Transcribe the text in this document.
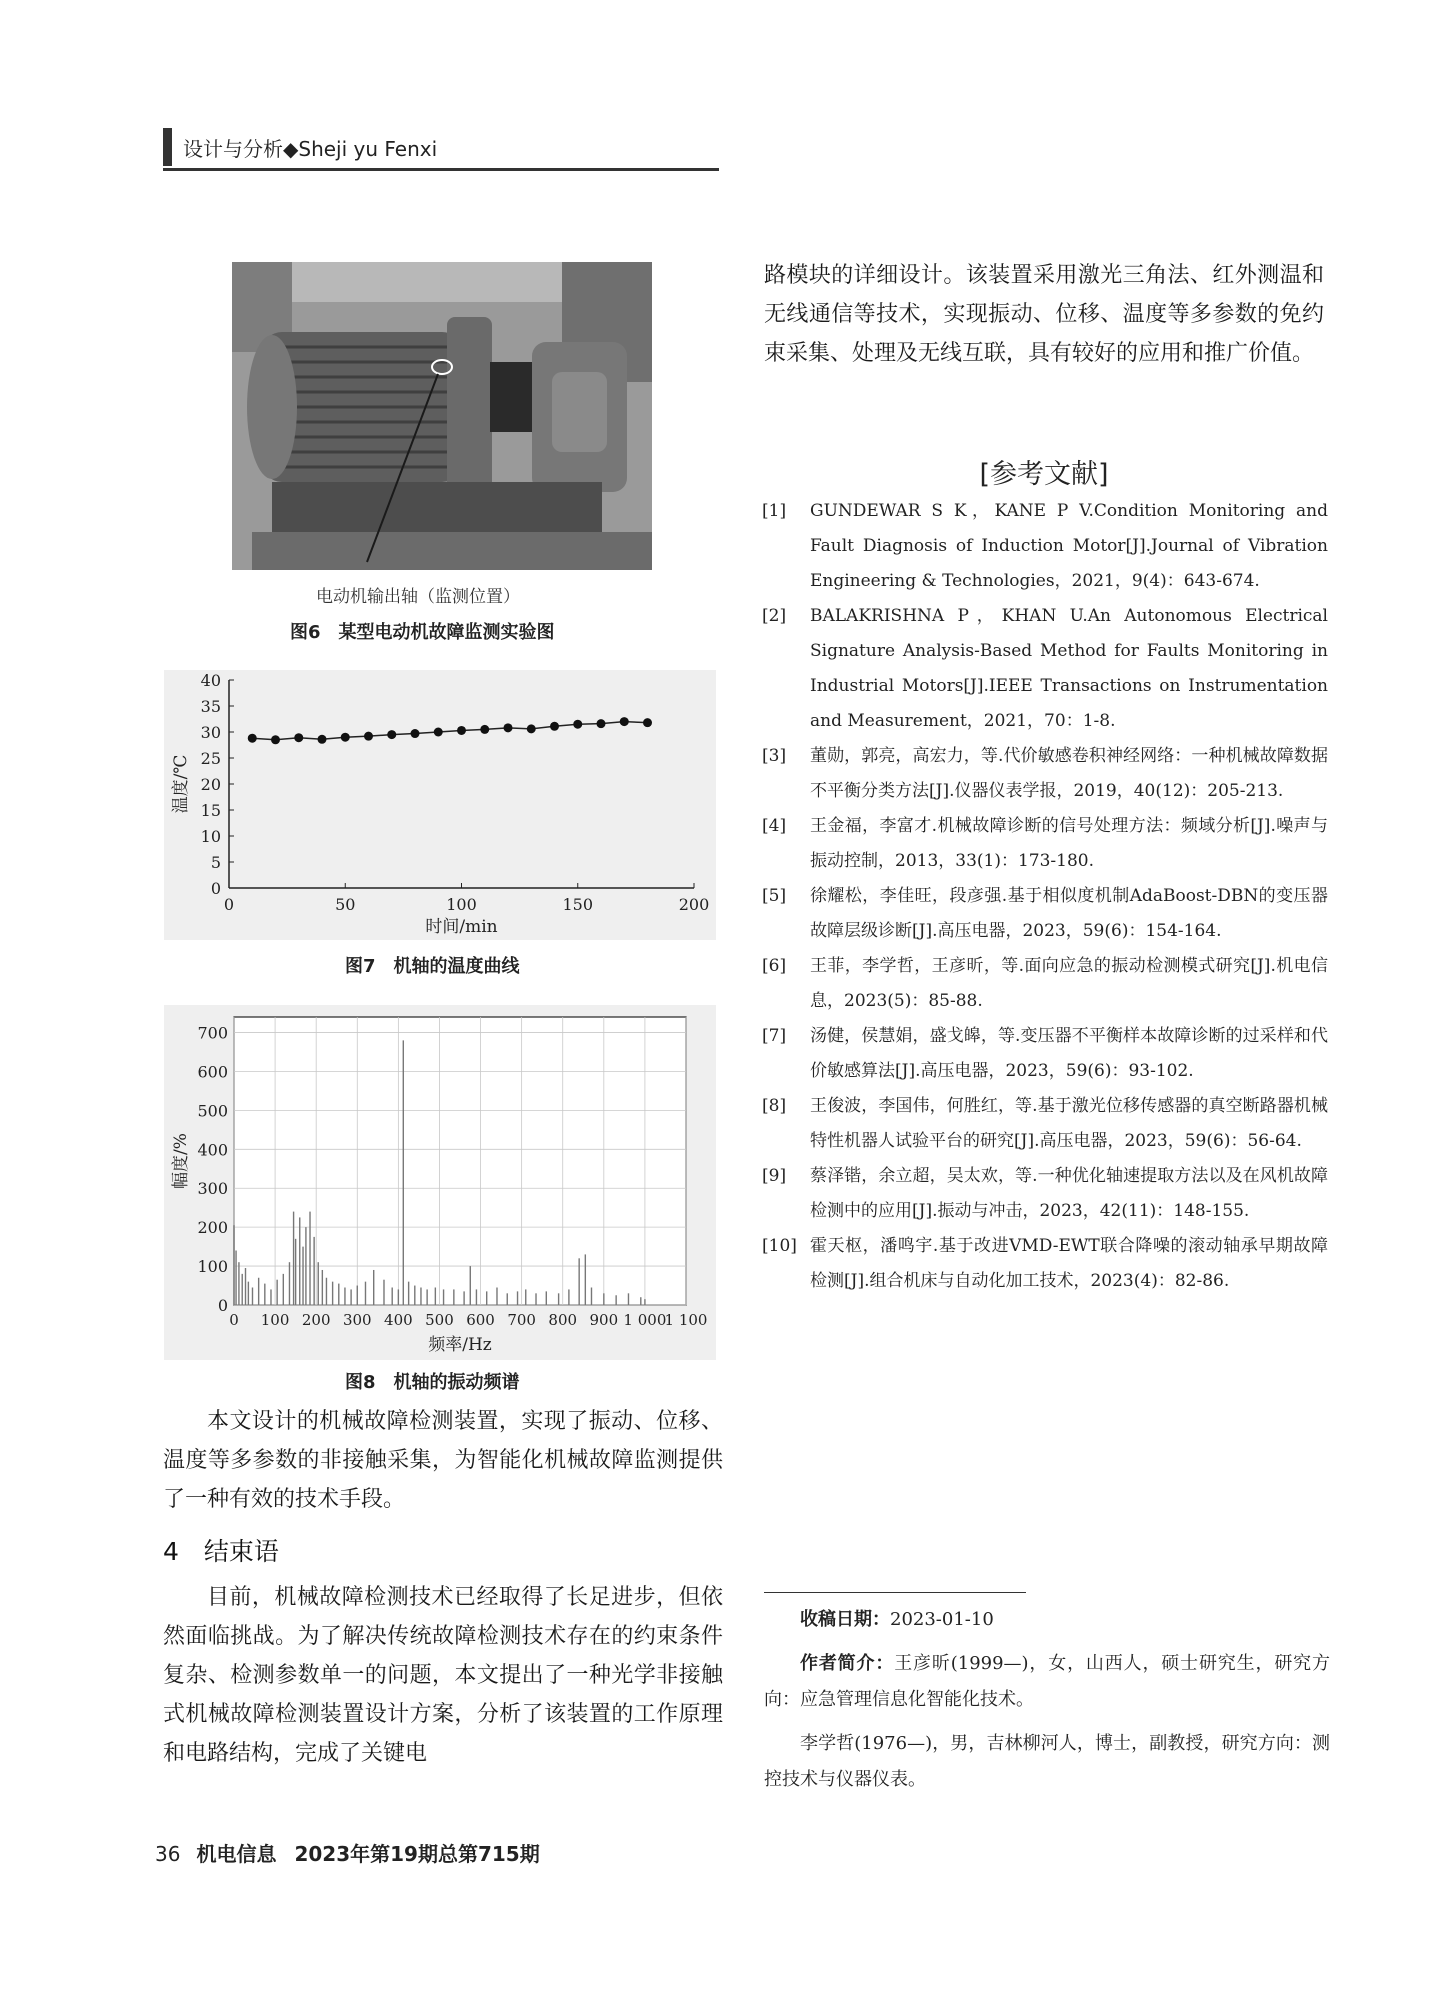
设计与分析◆Sheji yu Fenxi
电动机输出轴（监测位置）
图6　某型电动机故障监测实验图
0
5
10
15
20
25
30
35
40
0	50	100	150	200
时间/min
温度/℃
图7　机轴的温度曲线
0
100
200
300
400
500
600
700
0 100 200 300 400 500 600 700 800 900 1 000
1 100
频率/Hz
幅度/%
图8　机轴的振动频谱

本文设计的机械故障检测装置，实现了振动、位移、温度等多参数的非接触采集，为智能化机械故障监测提供了一种有效的技术手段。

4　结束语

目前，机械故障检测技术已经取得了长足进步，但依然面临挑战。为了解决传统故障检测技术存在的约束条件复杂、检测参数单一的问题，本文提出了一种光学非接触式机械故障检测装置设计方案，分析了该装置的工作原理和电路结构，完成了关键电

路模块的详细设计。该装置采用激光三角法、红外测温和无线通信等技术，实现振动、位移、温度等多参数的免约束采集、处理及无线互联，具有较好的应用和推广价值。

[参考文献]
[1] GUNDEWAR S K，KANE P V.Condition Monitoring and Fault Diagnosis of Induction Motor[J].Journal of Vibration Engineering & Technologies，2021，9(4)：643-674.
[2] BALAKRISHNA P，KHAN U.An Autonomous Electrical Signature Analysis-Based Method for Faults Monitoring in Industrial Motors[J].IEEE Transactions on Instrumentation and Measurement，2021，70：1-8.
[3] 董勋，郭亮，高宏力，等.代价敏感卷积神经网络：一种机械故障数据不平衡分类方法[J].仪器仪表学报，2019，40(12)：205-213.
[4] 王金福，李富才.机械故障诊断的信号处理方法：频域分析[J].噪声与振动控制，2013，33(1)：173-180.
[5] 徐耀松，李佳旺，段彦强.基于相似度机制AdaBoost-DBN的变压器故障层级诊断[J].高压电器，2023，59(6)：154-164.
[6] 王菲，李学哲，王彦昕，等.面向应急的振动检测模式研究[J].机电信息，2023(5)：85-88.
[7] 汤健，侯慧娟，盛戈皞，等.变压器不平衡样本故障诊断的过采样和代价敏感算法[J].高压电器，2023，59(6)：93-102.
[8] 王俊波，李国伟，何胜红，等.基于激光位移传感器的真空断路器机械特性机器人试验平台的研究[J].高压电器，2023，59(6)：56-64.
[9] 蔡泽锴，余立超，吴太欢，等.一种优化轴速提取方法以及在风机故障检测中的应用[J].振动与冲击，2023，42(11)：148-155.
[10] 霍天枢，潘鸣宇.基于改进VMD-EWT联合降噪的滚动轴承早期故障检测[J].组合机床与自动化加工技术，2023(4)：82-86.

收稿日期：2023-01-10

作者简介：王彦昕(1999—)，女，山西人，硕士研究生，研究方向：应急管理信息化智能化技术。

李学哲(1976—)，男，吉林柳河人，博士，副教授，研究方向：测控技术与仪器仪表。

36 机电信息 2023年第19期总第715期
